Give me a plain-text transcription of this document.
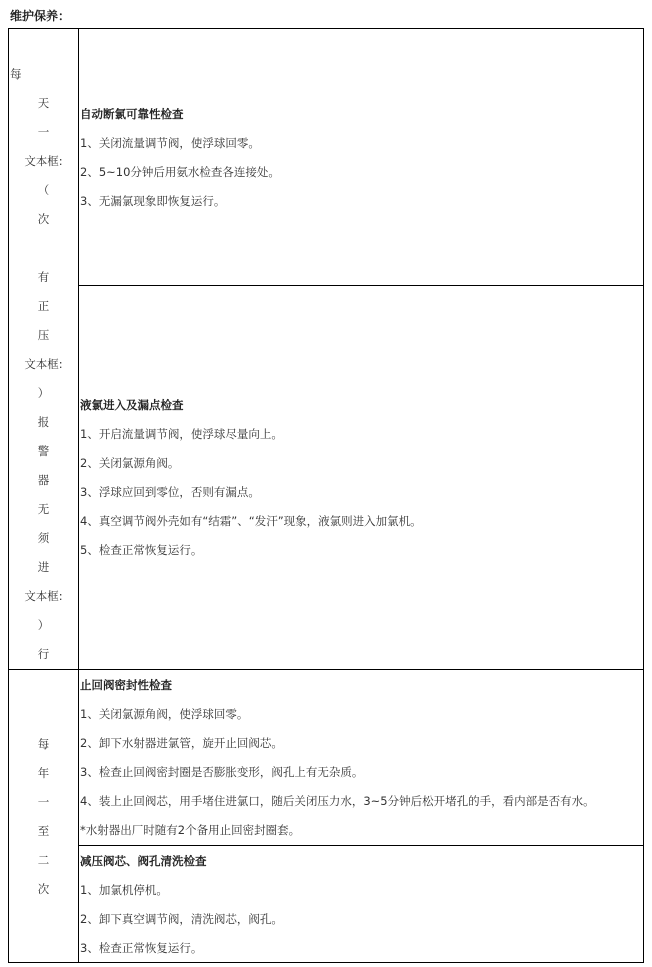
维护保养：
每
天
一
文本框:
（
次
有
正
压
文本框:
）
报
警
器
无
须
进
文本框:
）
行
自动断氯可靠性检查
1、关闭流量调节阀，使浮球回零。
2、5~10分钟后用氨水检查各连接处。
3、无漏氯现象即恢复运行。
液氯进入及漏点检查
1、开启流量调节阀，使浮球尽量向上。
2、关闭氯源角阀。
3、浮球应回到零位，否则有漏点。
4、真空调节阀外壳如有“结霜”、“发汗”现象，液氯则进入加氯机。
5、检查正常恢复运行。
每
年
一
至
二
次
止回阀密封性检查
1、关闭氯源角阀，使浮球回零。
2、卸下水射器进氯管，旋开止回阀芯。
3、检查止回阀密封圈是否膨胀变形，阀孔上有无杂质。
4、装上止回阀芯，用手堵住进氯口，随后关闭压力水，3~5分钟后松开堵孔的手，看内部是否有水。
*水射器出厂时随有2个备用止回密封圈套。
减压阀芯、阀孔清洗检查
1、加氯机停机。
2、卸下真空调节阀，清洗阀芯，阀孔。
3、检查正常恢复运行。
